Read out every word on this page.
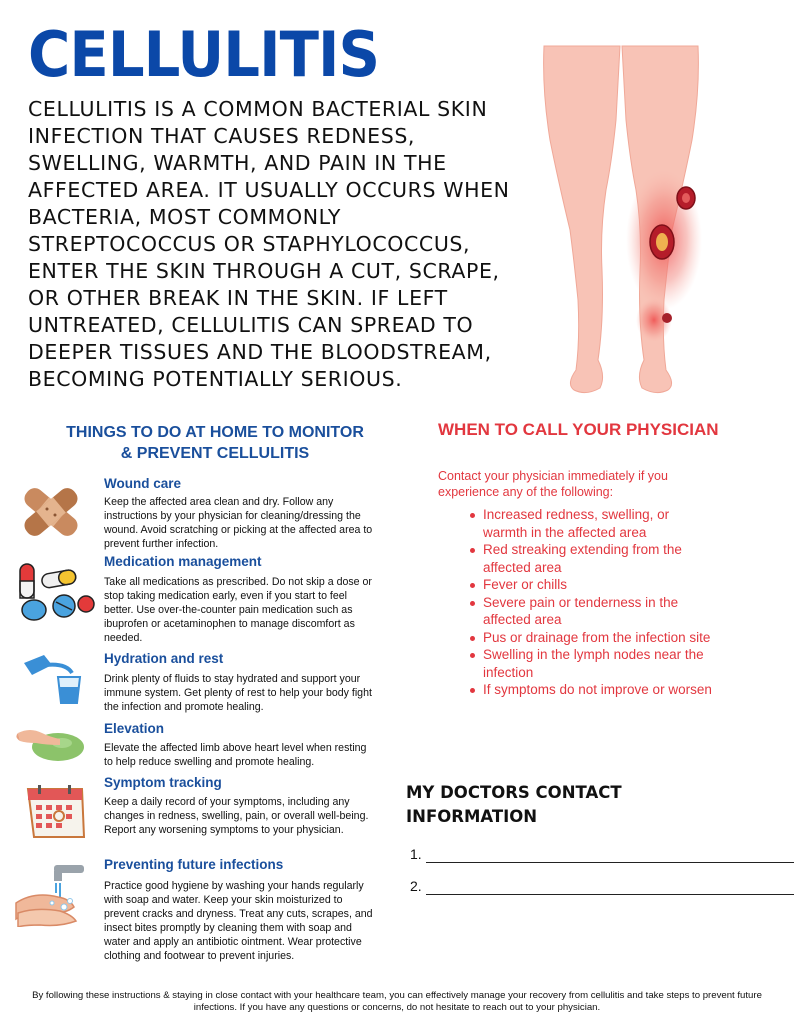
CELLULITIS

CELLULITIS IS A COMMON BACTERIAL SKIN INFECTION THAT CAUSES REDNESS, SWELLING, WARMTH, AND PAIN IN THE AFFECTED AREA. IT USUALLY OCCURS WHEN BACTERIA, MOST COMMONLY STREPTOCOCCUS OR STAPHYLOCOCCUS, ENTER THE SKIN THROUGH A CUT, SCRAPE, OR OTHER BREAK IN THE SKIN. IF LEFT UNTREATED, CELLULITIS CAN SPREAD TO DEEPER TISSUES AND THE BLOODSTREAM, BECOMING POTENTIALLY SERIOUS.

THINGS TO DO AT HOME TO MONITOR & PREVENT CELLULITIS

Wound care

Keep the affected area clean and dry. Follow any instructions by your physician for cleaning/dressing the wound. Avoid scratching or picking at the affected area to prevent further infection.

Medication management

Take all medications as prescribed. Do not skip a dose or stop taking medication early, even if you start to feel better. Use over-the-counter pain medication such as ibuprofen or acetaminophen to manage discomfort as needed.

Hydration and rest

Drink plenty of fluids to stay hydrated and support your immune system. Get plenty of rest to help your body fight the infection and promote healing.

Elevation

Elevate the affected limb above heart level when resting to help reduce swelling and promote healing.

Symptom tracking

Keep a daily record of your symptoms, including any changes in redness, swelling, pain, or overall well-being. Report any worsening symptoms to your physician.

Preventing future infections

Practice good hygiene by washing your hands regularly with soap and water. Keep your skin moisturized to prevent cracks and dryness. Treat any cuts, scrapes, and insect bites promptly by cleaning them with soap and water and apply an antibiotic ointment. Wear protective clothing and footwear to prevent injuries.

WHEN TO CALL YOUR PHYSICIAN

Contact your physician immediately if you experience any of the following:

Increased redness, swelling, or warmth in the affected area
Red streaking extending from the affected area
Fever or chills
Severe pain or tenderness in the affected area
Pus or drainage from the infection site
Swelling in the lymph nodes near the infection
If symptoms do not improve or worsen
MY DOCTORS CONTACT INFORMATION
1.
2.

By following these instructions & staying in close contact with your healthcare team, you can effectively manage your recovery from cellulitis and take steps to prevent future infections. If you have any questions or concerns, do not hesitate to reach out to your physician.
